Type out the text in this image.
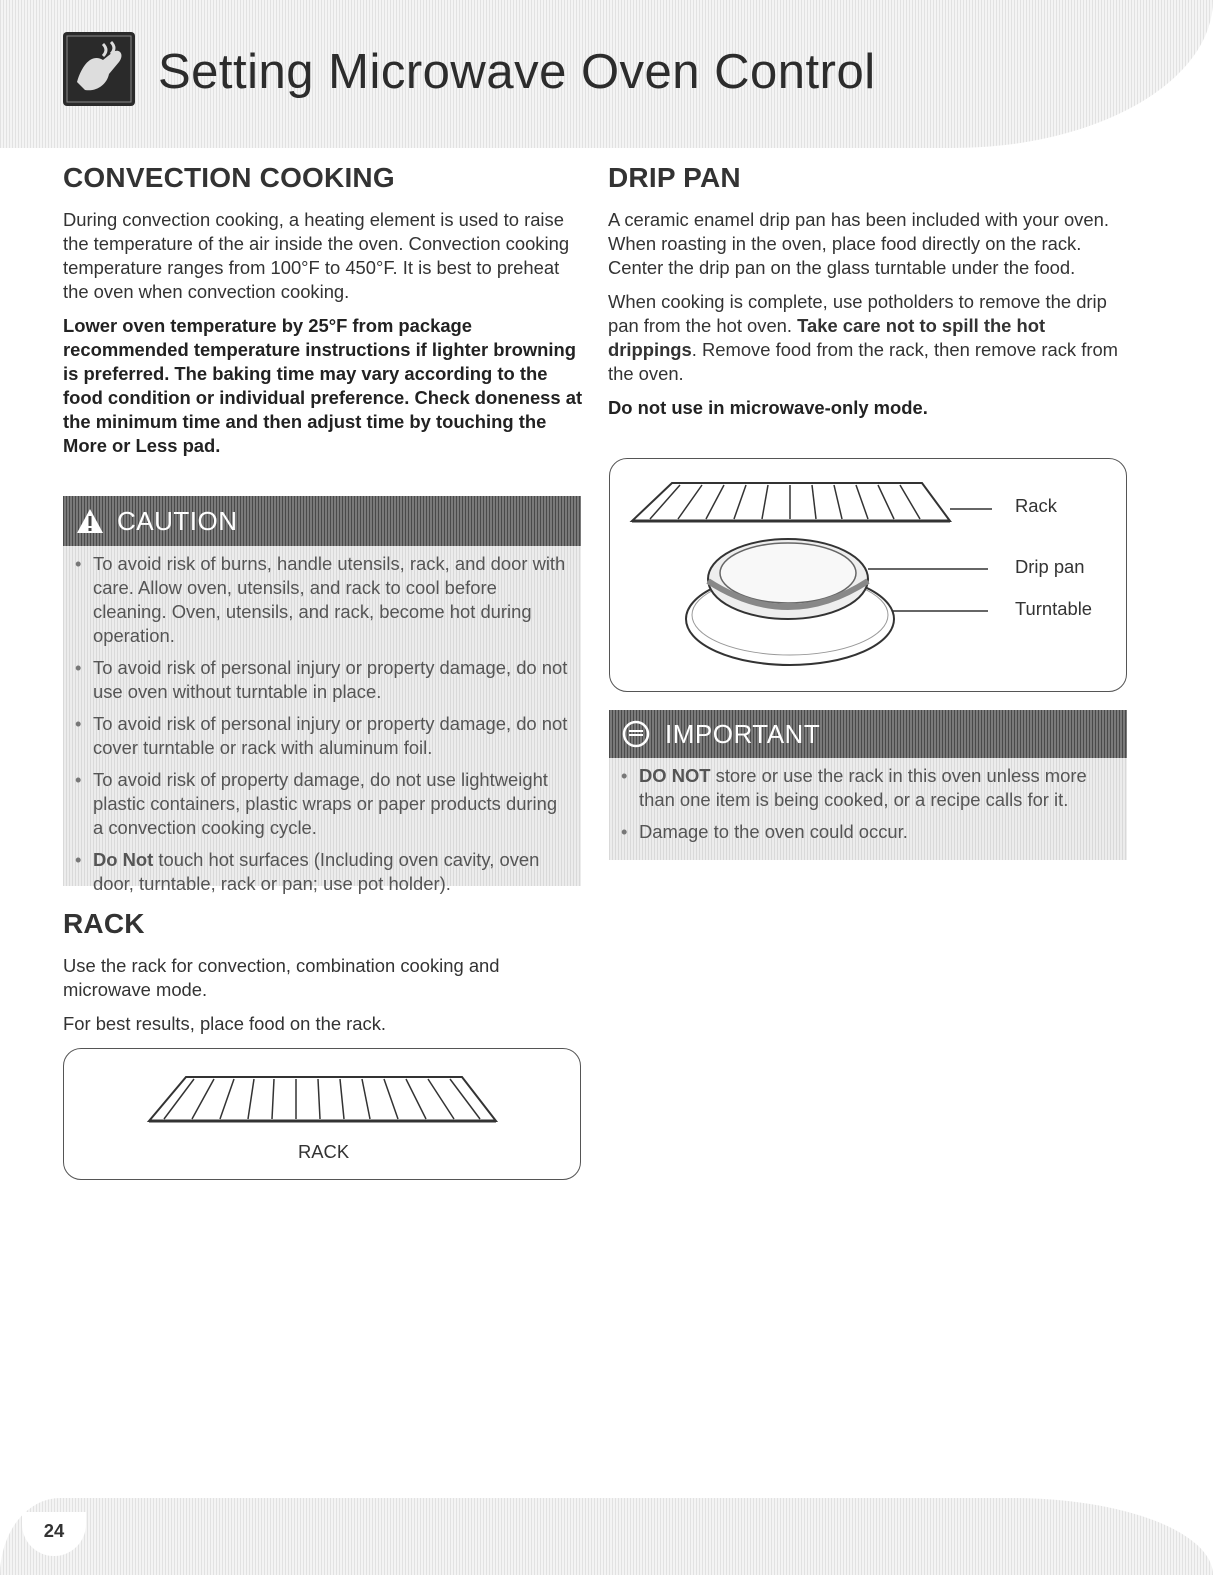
Setting Microwave Oven Control
CONVECTION COOKING

During convection cooking, a heating element is used to raise the temperature of the air inside the oven. Convection cooking temperature ranges from 100°F to 450°F. It is best to preheat the oven when convection cooking.

Lower oven temperature by 25°F from package recommended temperature instructions if lighter browning is preferred. The baking time may vary according to the food condition or individual preference. Check doneness at the minimum time and then adjust time by touching the More or Less pad.

CAUTION
• To avoid risk of burns, handle utensils, rack, and door with care. Allow oven, utensils, and rack to cool before cleaning. Oven, utensils, and rack, become hot during operation.
• To avoid risk of personal injury or property damage, do not use oven without turntable in place.
• To avoid risk of personal injury or property damage, do not cover turntable or rack with aluminum foil.
• To avoid risk of property damage, do not use lightweight plastic containers, plastic wraps or paper products during a convection cooking cycle.
• Do Not touch hot surfaces (Including oven cavity, oven door, turntable, rack or pan; use pot holder).
RACK

Use the rack for convection, combination cooking and microwave mode.

For best results, place food on the rack.

RACK
DRIP PAN

A ceramic enamel drip pan has been included with your oven. When roasting in the oven, place food directly on the rack. Center the drip pan on the glass turntable under the food.

When cooking is complete, use potholders to remove the drip pan from the hot oven. Take care not to spill the hot drippings. Remove food from the rack, then remove rack from the oven.

Do not use in microwave-only mode.

Rack
Drip pan
Turntable
IMPORTANT
• DO NOT store or use the rack in this oven unless more than one item is being cooked, or a recipe calls for it.
• Damage to the oven could occur.
24
